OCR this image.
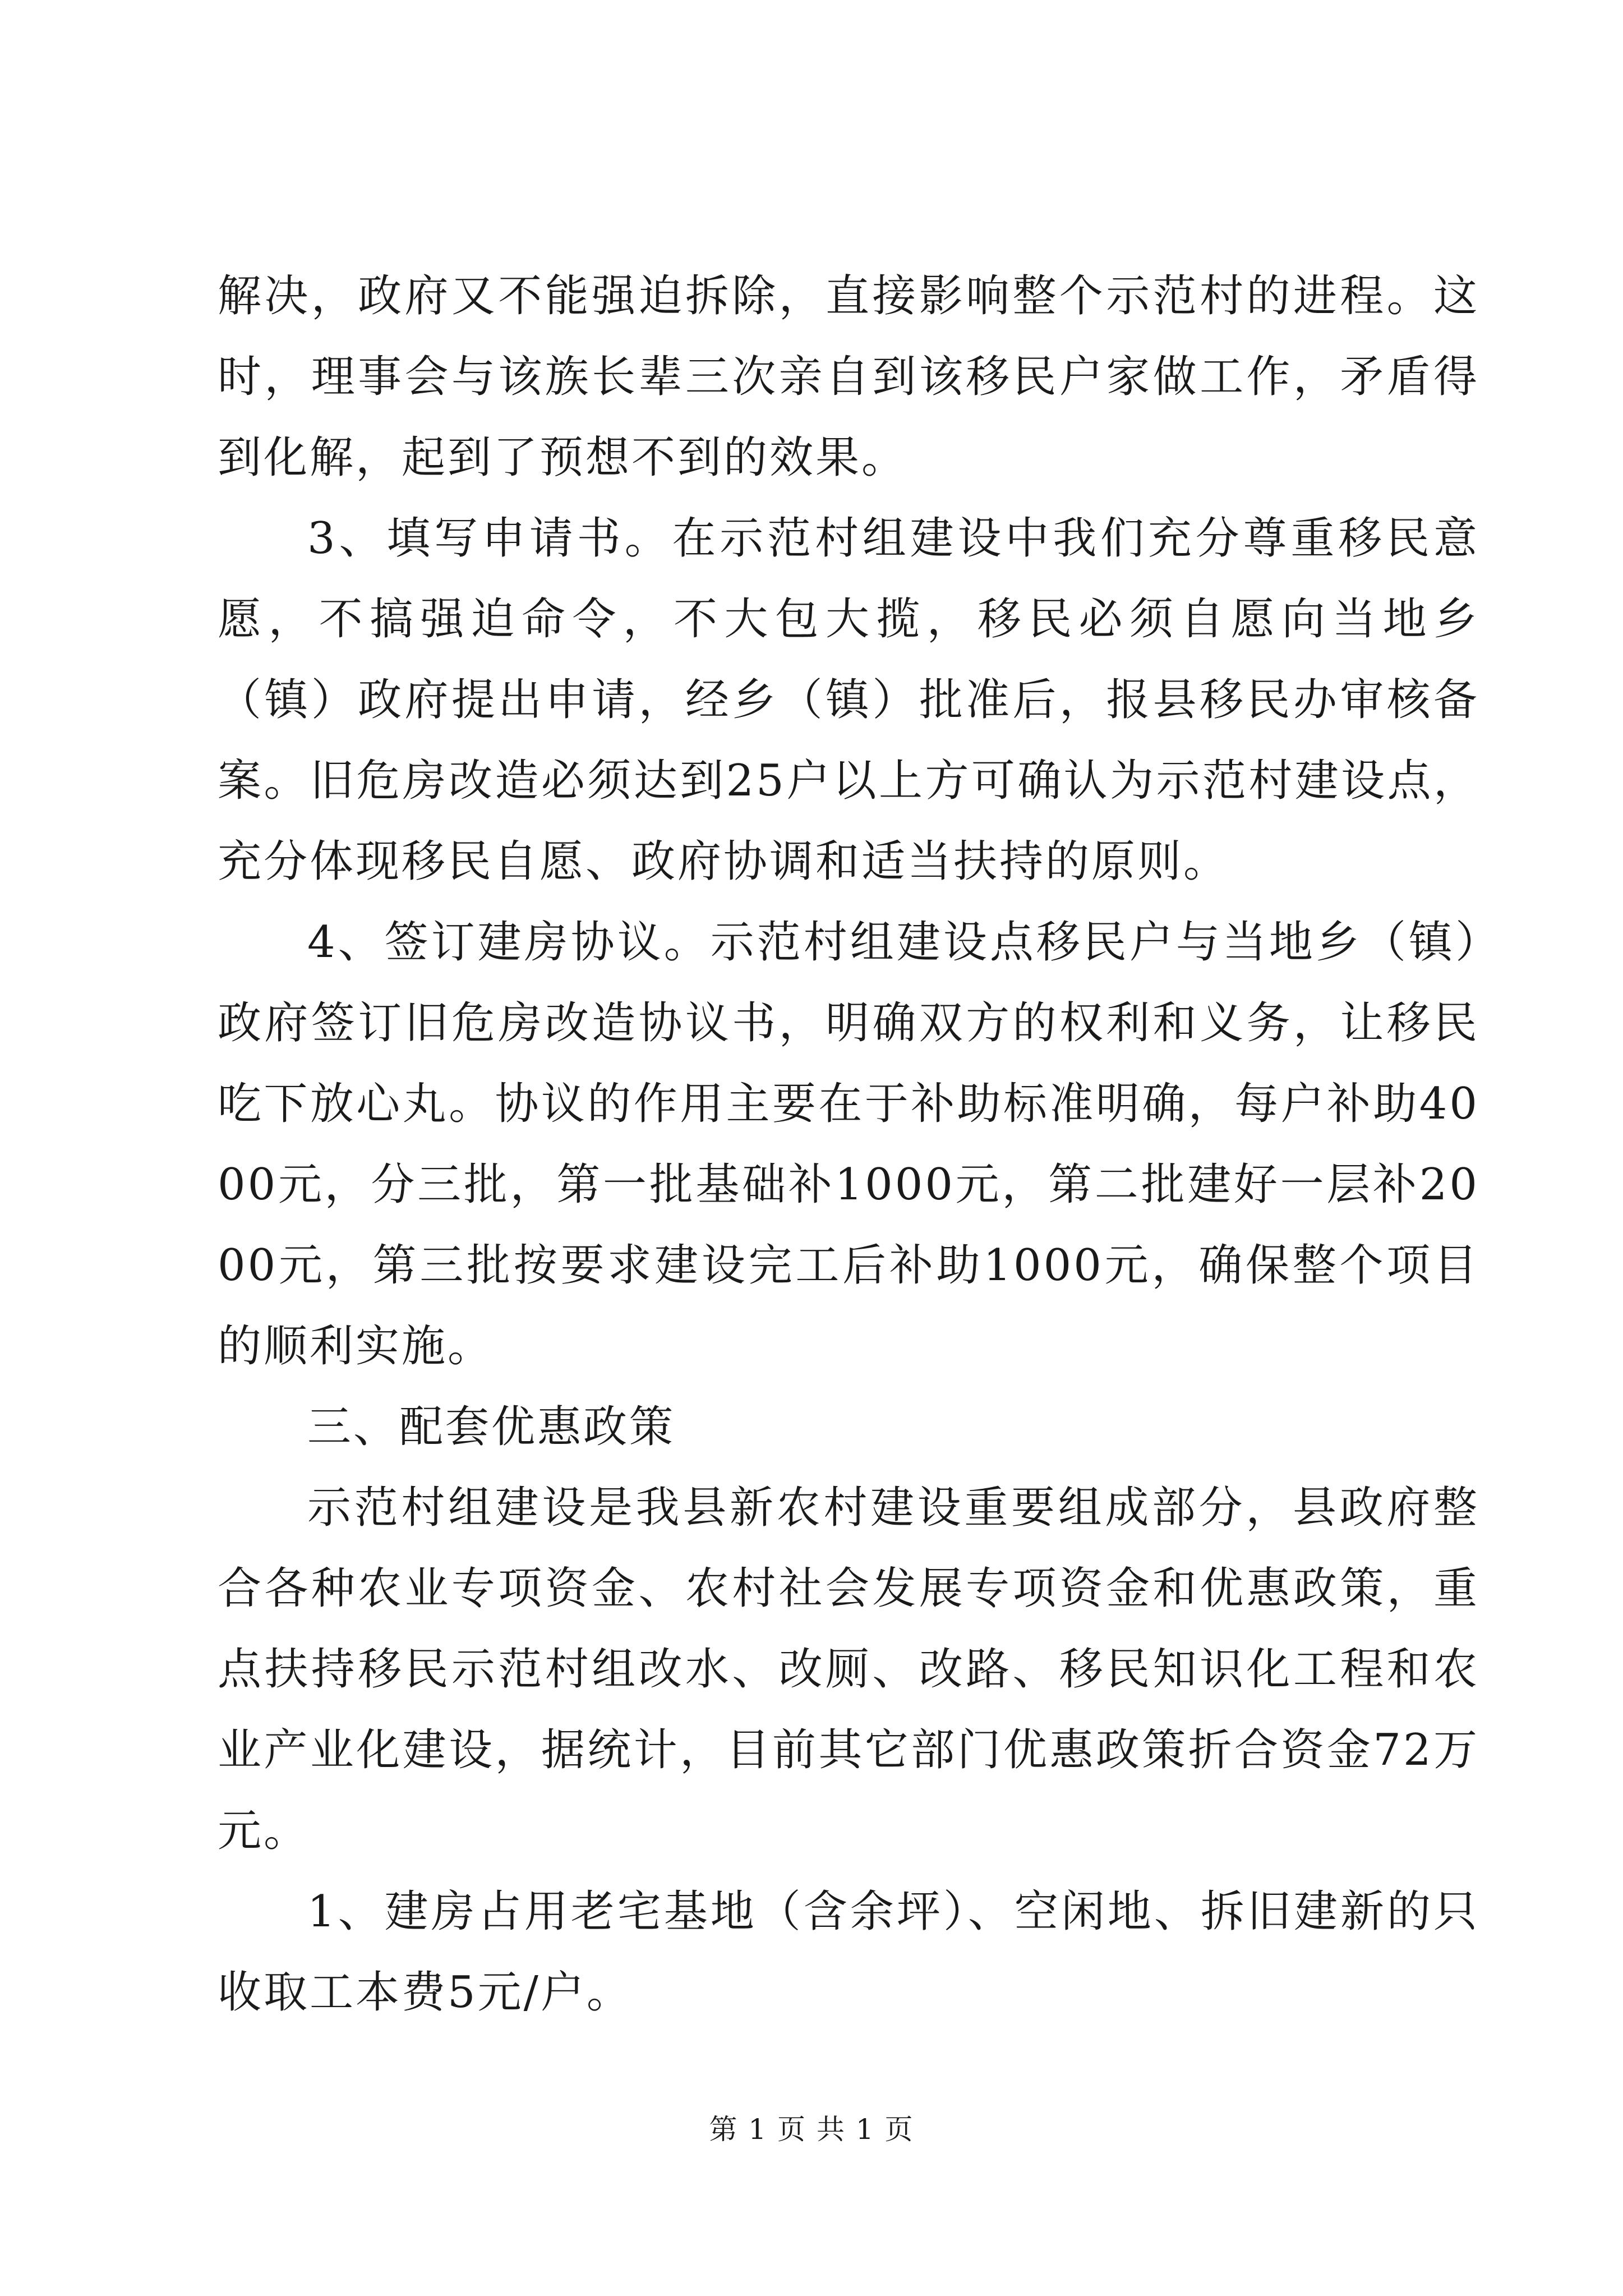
解决，政府又不能强迫拆除，直接影响整个示范村的进程。这时，理事会与该族长辈三次亲自到该移民户家做工作，矛盾得到化解，起到了预想不到的效果。

3、填写申请书。在示范村组建设中我们充分尊重移民意愿，不搞强迫命令，不大包大揽，移民必须自愿向当地乡（镇）政府提出申请，经乡（镇）批准后，报县移民办审核备案。旧危房改造必须达到25户以上方可确认为示范村建设点，充分体现移民自愿、政府协调和适当扶持的原则。

4、签订建房协议。示范村组建设点移民户与当地乡（镇）政府签订旧危房改造协议书，明确双方的权利和义务，让移民吃下放心丸。协议的作用主要在于补助标准明确，每户补助4000元，分三批，第一批基础补1000元，第二批建好一层补2000元，第三批按要求建设完工后补助1000元，确保整个项目的顺利实施。

三、配套优惠政策

示范村组建设是我县新农村建设重要组成部分，县政府整合各种农业专项资金、农村社会发展专项资金和优惠政策，重点扶持移民示范村组改水、改厕、改路、移民知识化工程和农业产业化建设，据统计，目前其它部门优惠政策折合资金72万元。

1、建房占用老宅基地（含余坪）、空闲地、拆旧建新的只收取工本费5元/户。

第 1 页 共 1 页
